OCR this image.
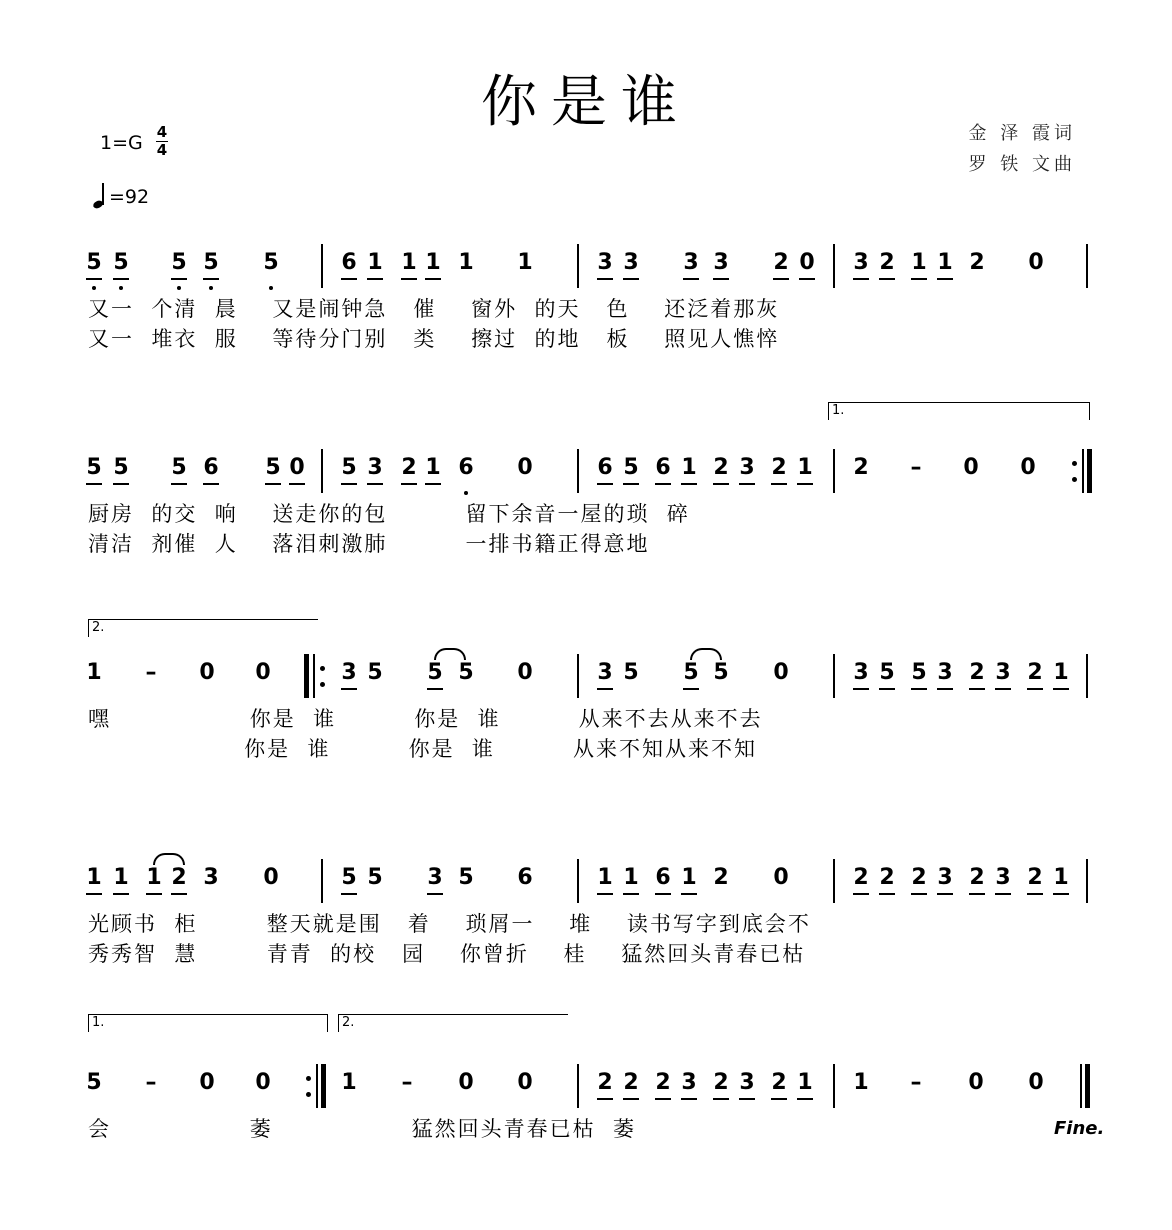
你是谁
1=G 4
4
=92
金 泽 霞词
罗 铁 文曲
5 5 5 5 5	6 1 1 1 1 1	3 3 3 3 2 0 3 2 1 1 2 0
又一  个清  晨    又是闹钟急   催    窗外  的天   色    还泛着那灰
又一  堆衣  服    等待分门别   类    擦过  的地   板    照见人憔悴
1.
5 5 5 6 5 0 5 3 2 1 6 0	6 5 6 1 2 3 2 1 2 – 0 0
厨房  的交  响    送走你的包         留下余音一屋的琐  碎
清洁  剂催  人    落泪刺激肺         一排书籍正得意地
2.
1 – 0 0	3 5 5 5 0	3 5 5 5 0	3 5 5 3 2 3 2 1
嘿                你是  谁         你是  谁         从来不去从来不去
你是  谁         你是  谁         从来不知从来不知
1 1 1 2 3 0	5 5 3 5 6	1 1 6 1 2 0	2 2 2 3 2 3 2 1
光顾书  柜        整天就是围   着    琐屑一    堆    读书写字到底会不
秀秀智  慧        青青  的校   园    你曾折    桂    猛然回头青春已枯
1.	2.
5 – 0 0	1 – 0 0	2 2 2 3 2 3 2 1 1 – 0 0
会                萎                猛然回头青春已枯  萎	Fine.
